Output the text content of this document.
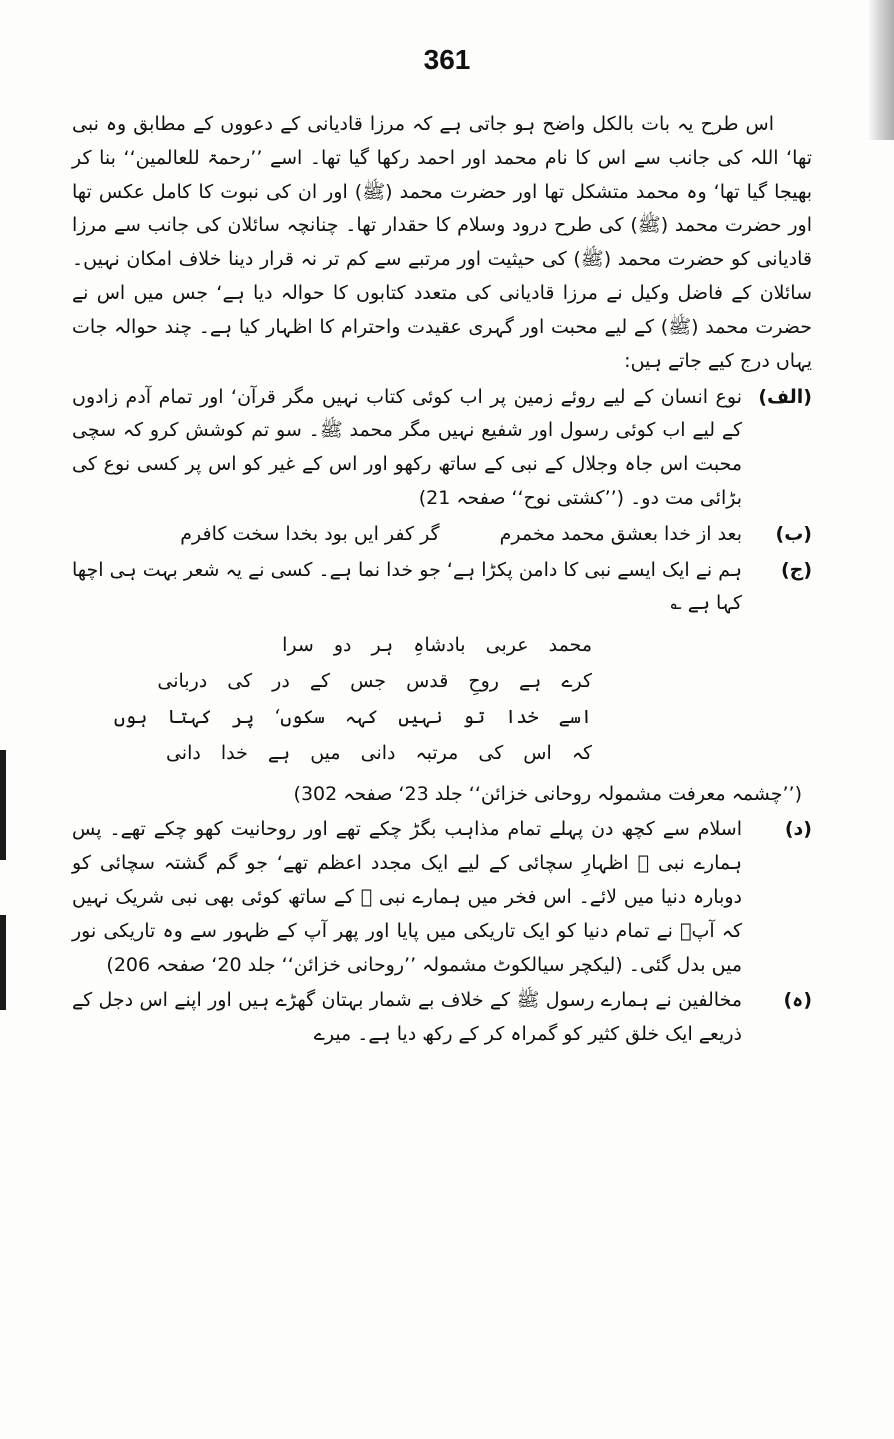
361

اس طرح یہ بات بالکل واضح ہو جاتی ہے کہ مرزا قادیانی کے دعووں کے مطابق وہ نبی تھا‘ اللہ کی جانب سے اس کا نام محمد اور احمد رکھا گیا تھا۔ اسے ’’رحمۃ للعالمین‘‘ بنا کر بھیجا گیا تھا‘ وہ محمد متشکل تھا اور حضرت محمد (ﷺ) اور ان کی نبوت کا کامل عکس تھا اور حضرت محمد (ﷺ) کی طرح درود وسلام کا حقدار تھا۔ چنانچہ سائلان کی جانب سے مرزا قادیانی کو حضرت محمد (ﷺ) کی حیثیت اور مرتبے سے کم تر نہ قرار دینا خلاف امکان نہیں۔ سائلان کے فاضل وکیل نے مرزا قادیانی کی متعدد کتابوں کا حوالہ دیا ہے‘ جس میں اس نے حضرت محمد (ﷺ) کے لیے محبت اور گہری عقیدت واحترام کا اظہار کیا ہے۔ چند حوالہ جات یہاں درج کیے جاتے ہیں:

(الف)

نوع انسان کے لیے روئے زمین پر اب کوئی کتاب نہیں مگر قرآن‘ اور تمام آدم زادوں کے لیے اب کوئی رسول اور شفیع نہیں مگر محمد ﷺ۔ سو تم کوشش کرو کہ سچی محبت اس جاہ وجلال کے نبی کے ساتھ رکھو اور اس کے غیر کو اس پر کسی نوع کی بڑائی مت دو۔ (’’کشتی نوح‘‘ صفحہ 21)

(ب)
بعد از خدا بعشق محمد مخمرم
گر کفر ایں بود بخدا سخت کافرم
(ج)

ہم نے ایک ایسے نبی کا دامن پکڑا ہے‘ جو خدا نما ہے۔ کسی نے یہ شعر بہت ہی اچھا کہا ہے ؎

محمد عربی بادشاہِ ہر دو سرا
کرے ہے روحِ قدس جس کے در کی دربانی
اسے خدا تو نہیں کہہ سکوں‘ پر کہتا ہوں
کہ اس کی مرتبہ دانی میں ہے خدا دانی

(’’چشمہ معرفت مشمولہ روحانی خزائن‘‘ جلد 23‘ صفحہ 302)

(د)

اسلام سے کچھ دن پہلے تمام مذاہب بگڑ چکے تھے اور روحانیت کھو چکے تھے۔ پس ہمارے نبی ﷺ اظہارِ سچائی کے لیے ایک مجدد اعظم تھے‘ جو گم گشتہ سچائی کو دوبارہ دنیا میں لائے۔ اس فخر میں ہمارے نبی ﷺ کے ساتھ کوئی بھی نبی شریک نہیں کہ آپؐ نے تمام دنیا کو ایک تاریکی میں پایا اور پھر آپ کے ظہور سے وہ تاریکی نور میں بدل گئی۔ (لیکچر سیالکوٹ مشمولہ ’’روحانی خزائن‘‘ جلد 20‘ صفحہ 206)

(ہ)

مخالفین نے ہمارے رسول ﷺ کے خلاف بے شمار بہتان گھڑے ہیں اور اپنے اس دجل کے ذریعے ایک خلق کثیر کو گمراہ کر کے رکھ دیا ہے۔ میرے
